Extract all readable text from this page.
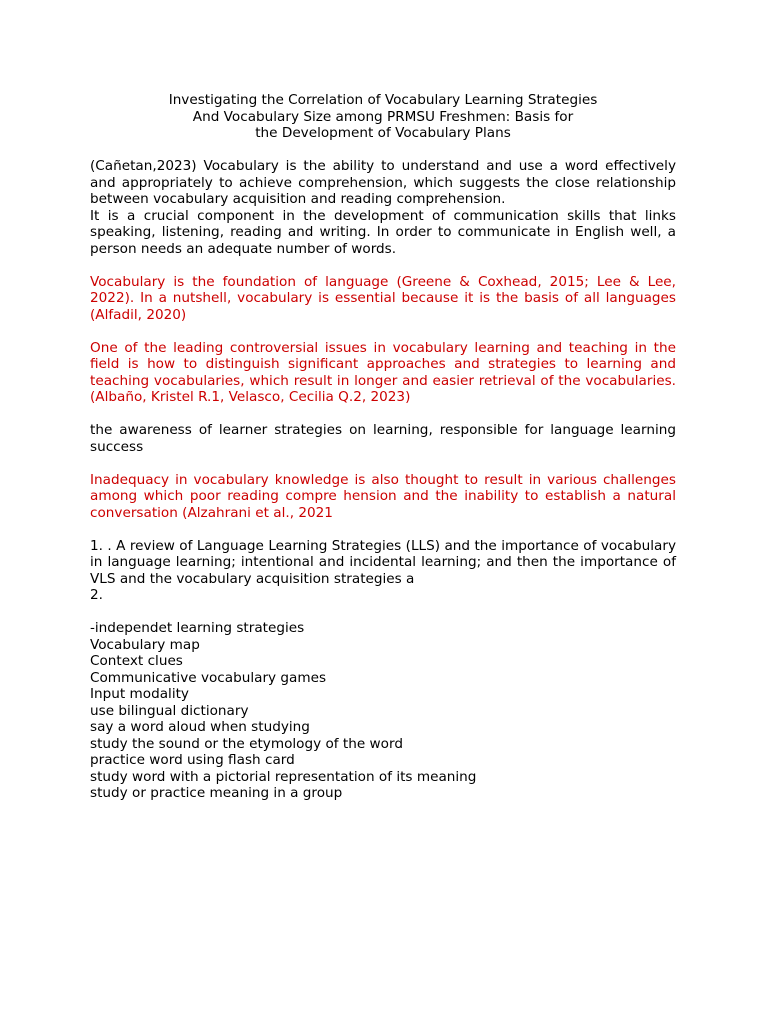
Investigating the Correlation of Vocabulary Learning Strategies
And Vocabulary Size among PRMSU Freshmen: Basis for
the Development of Vocabulary Plans
(Cañetan,2023) Vocabulary is the ability to understand and use a word effectively and appropriately to achieve comprehension, which suggests the close relationship between vocabulary acquisition and reading comprehension.
It is a crucial component in the development of communication skills that links speaking, listening, reading and writing. In order to communicate in English well, a person needs an adequate number of words.
Vocabulary is the foundation of language (Greene & Coxhead, 2015; Lee & Lee, 2022). In a nutshell, vocabulary is essential because it is the basis of all languages (Alfadil, 2020)
One of the leading controversial issues in vocabulary learning and teaching in the field is how to distinguish significant approaches and strategies to learning and teaching vocabularies, which result in longer and easier retrieval of the vocabularies. (Albaño, Kristel R.1, Velasco, Cecilia Q.2, 2023)
the awareness of learner strategies on learning, responsible for language learning success
Inadequacy in vocabulary knowledge is also thought to result in various challenges among which poor reading compre hension and the inability to establish a natural conversation (Alzahrani et al., 2021
1. . A review of Language Learning Strategies (LLS) and the importance of vocabulary in language learning; intentional and incidental learning; and then the importance of VLS and the vocabulary acquisition strategies a
2.
-independet learning strategies
Vocabulary map
Context clues
Communicative vocabulary games
Input modality
use bilingual dictionary
say a word aloud when studying
study the sound or the etymology of the word
practice word using flash card
study word with a pictorial representation of its meaning
study or practice meaning in a group
